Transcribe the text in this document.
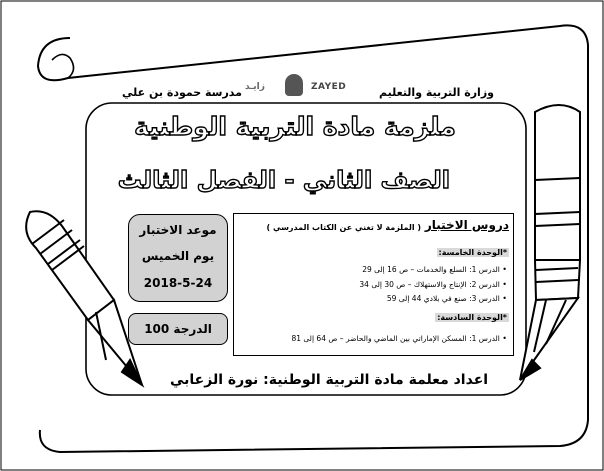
وزارة التربية والتعليم
زايـد	ZAYED
مدرسة حمودة بن علي
ملزمة مادة التربية الوطنية
الصف الثاني - الفصل الثالث
موعد الاختبار
يوم الخميس
2018-5-24
الدرجة 100
دروس الاختبار
( الملزمة لا تغني عن الكتاب المدرسي )
*الوحدة الخامسة:
• الدرس 1: السلع والخدمات – ص 16 إلى 29
• الدرس 2: الإنتاج والاستهلاك – ص 30 إلى 34
• الدرس 3: صنع في بلادي 44 إلى 59
*الوحدة السادسة:
• الدرس 1: المسكن الإماراتي بين الماضي والحاضر – ص 64 إلى 81
اعداد معلمة مادة التربية الوطنية: نورة الزعابي
